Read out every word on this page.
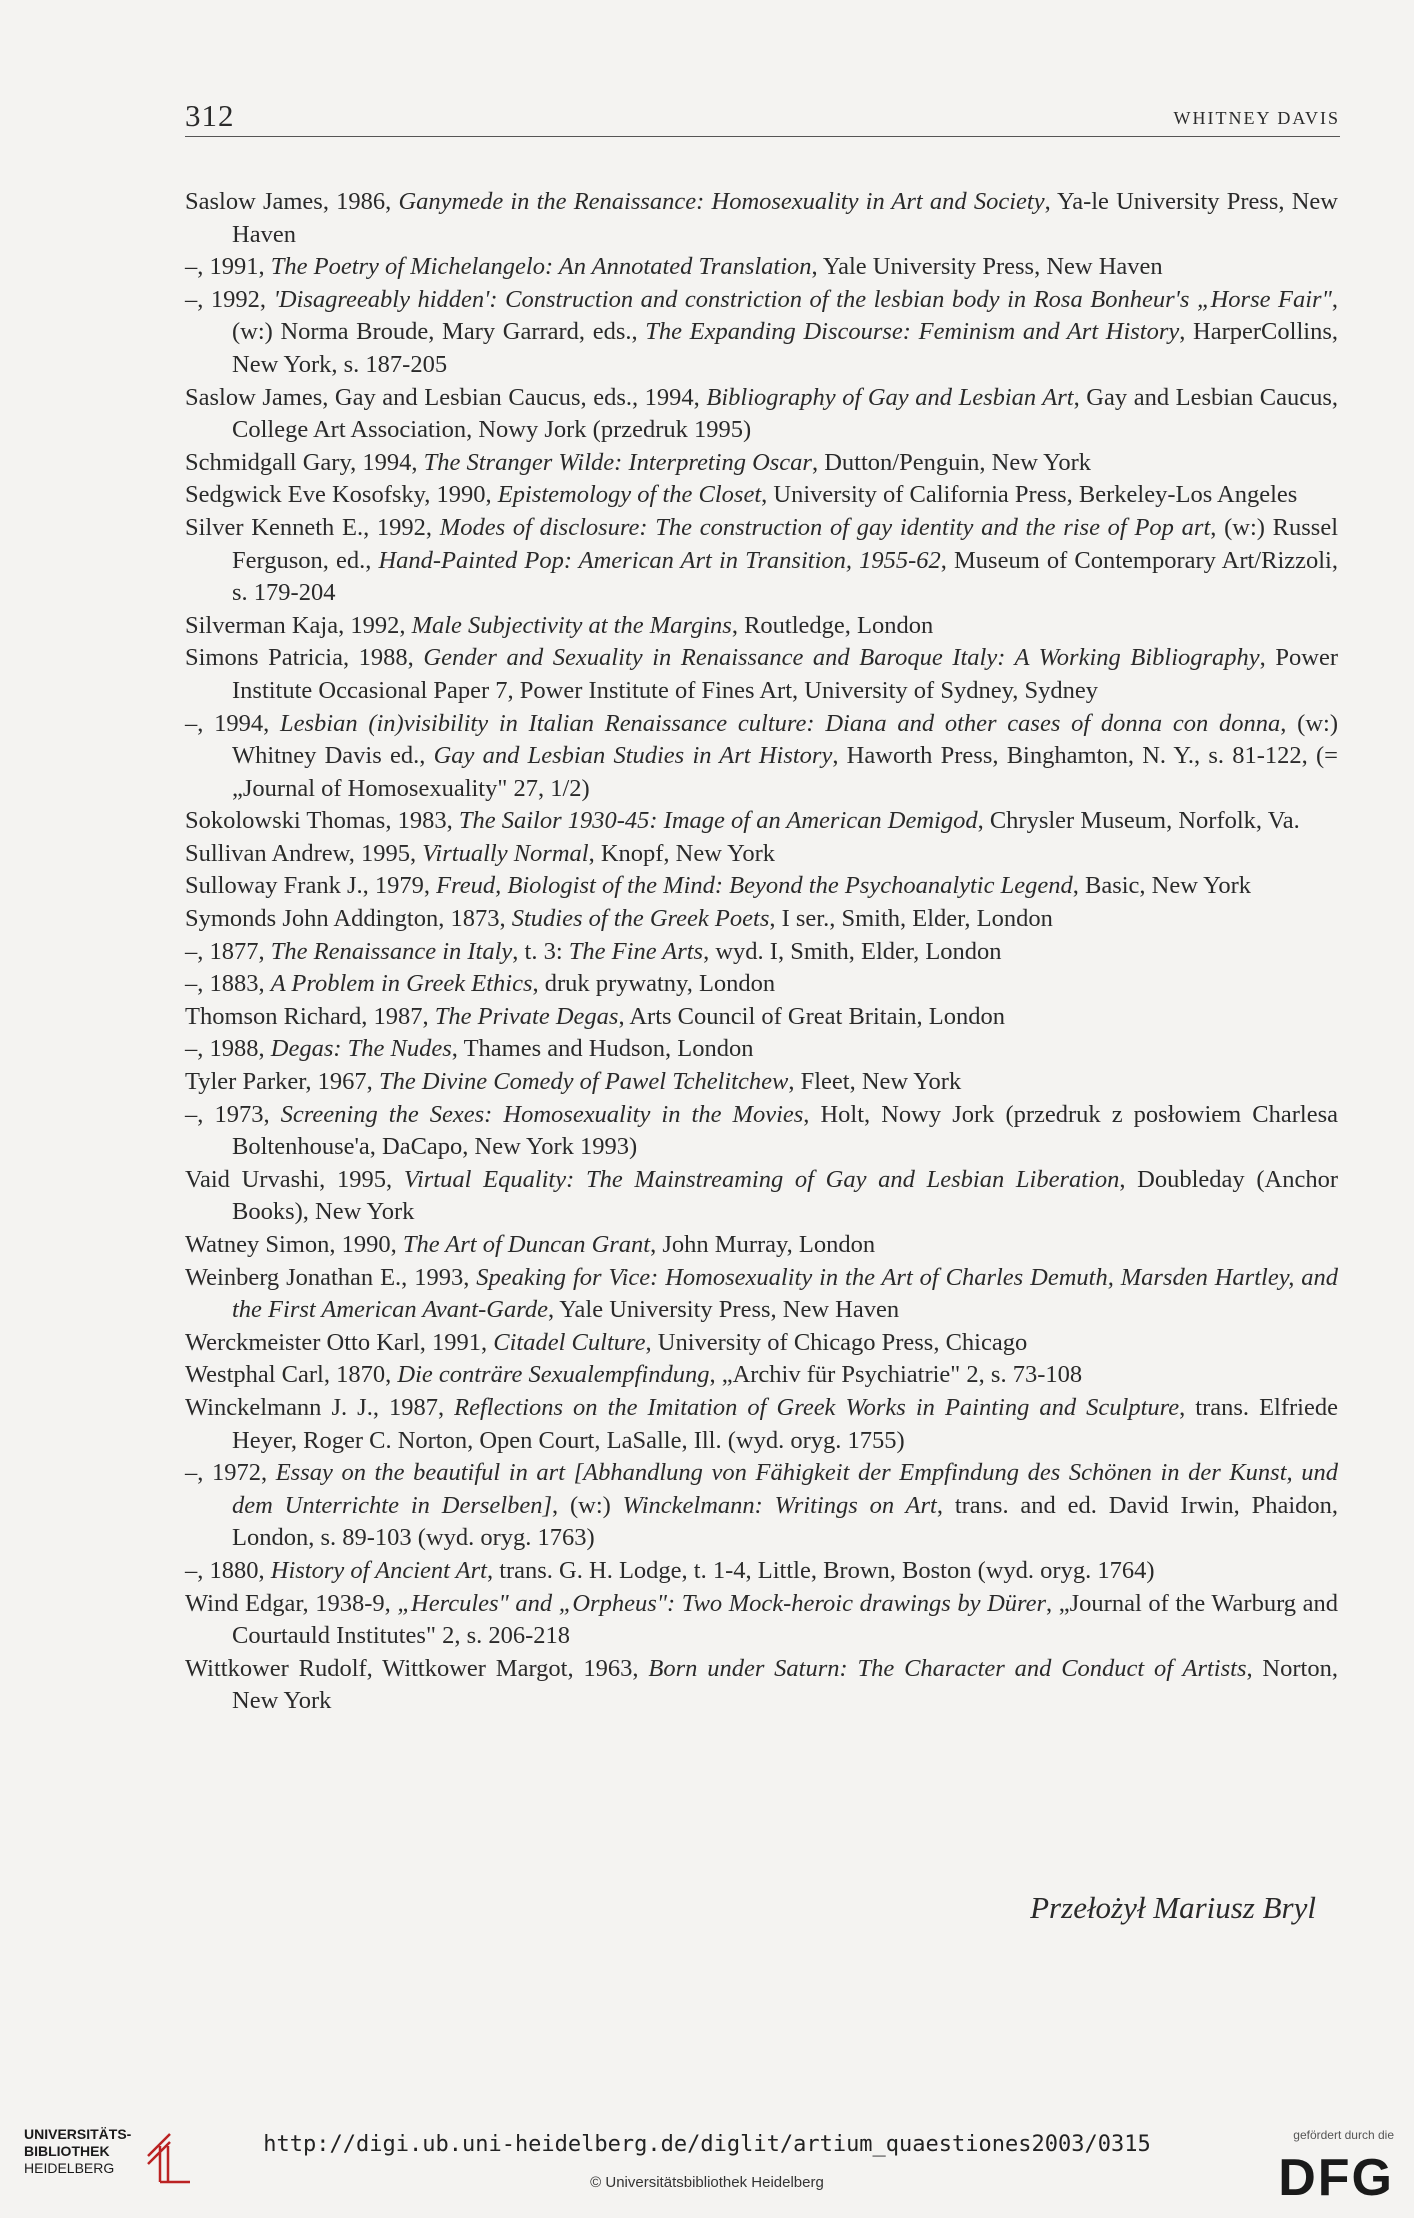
312	WHITNEY DAVIS
Saslow James, 1986, Ganymede in the Renaissance: Homosexuality in Art and Society, Ya-le University Press, New Haven
–, 1991, The Poetry of Michelangelo: An Annotated Translation, Yale University Press, New Haven
–, 1992, 'Disagreeably hidden': Construction and constriction of the lesbian body in Rosa Bonheur's „Horse Fair", (w:) Norma Broude, Mary Garrard, eds., The Expanding Discourse: Feminism and Art History, HarperCollins, New York, s. 187-205
Saslow James, Gay and Lesbian Caucus, eds., 1994, Bibliography of Gay and Lesbian Art, Gay and Lesbian Caucus, College Art Association, Nowy Jork (przedruk 1995)
Schmidgall Gary, 1994, The Stranger Wilde: Interpreting Oscar, Dutton/Penguin, New York
Sedgwick Eve Kosofsky, 1990, Epistemology of the Closet, University of California Press, Berkeley-Los Angeles
Silver Kenneth E., 1992, Modes of disclosure: The construction of gay identity and the rise of Pop art, (w:) Russel Ferguson, ed., Hand-Painted Pop: American Art in Transition, 1955-62, Museum of Contemporary Art/Rizzoli, s. 179-204
Silverman Kaja, 1992, Male Subjectivity at the Margins, Routledge, London
Simons Patricia, 1988, Gender and Sexuality in Renaissance and Baroque Italy: A Working Bibliography, Power Institute Occasional Paper 7, Power Institute of Fines Art, University of Sydney, Sydney
–, 1994, Lesbian (in)visibility in Italian Renaissance culture: Diana and other cases of donna con donna, (w:) Whitney Davis ed., Gay and Lesbian Studies in Art History, Haworth Press, Binghamton, N. Y., s. 81-122, (= „Journal of Homosexuality" 27, 1/2)
Sokolowski Thomas, 1983, The Sailor 1930-45: Image of an American Demigod, Chrysler Museum, Norfolk, Va.
Sullivan Andrew, 1995, Virtually Normal, Knopf, New York
Sulloway Frank J., 1979, Freud, Biologist of the Mind: Beyond the Psychoanalytic Legend, Basic, New York
Symonds John Addington, 1873, Studies of the Greek Poets, I ser., Smith, Elder, London
–, 1877, The Renaissance in Italy, t. 3: The Fine Arts, wyd. I, Smith, Elder, London
–, 1883, A Problem in Greek Ethics, druk prywatny, London
Thomson Richard, 1987, The Private Degas, Arts Council of Great Britain, London
–, 1988, Degas: The Nudes, Thames and Hudson, London
Tyler Parker, 1967, The Divine Comedy of Pawel Tchelitchew, Fleet, New York
–, 1973, Screening the Sexes: Homosexuality in the Movies, Holt, Nowy Jork (przedruk z posłowiem Charlesa Boltenhouse'a, DaCapo, New York 1993)
Vaid Urvashi, 1995, Virtual Equality: The Mainstreaming of Gay and Lesbian Liberation, Doubleday (Anchor Books), New York
Watney Simon, 1990, The Art of Duncan Grant, John Murray, London
Weinberg Jonathan E., 1993, Speaking for Vice: Homosexuality in the Art of Charles Demuth, Marsden Hartley, and the First American Avant-Garde, Yale University Press, New Haven
Werckmeister Otto Karl, 1991, Citadel Culture, University of Chicago Press, Chicago
Westphal Carl, 1870, Die conträre Sexualempfindung, „Archiv für Psychiatrie" 2, s. 73-108
Winckelmann J. J., 1987, Reflections on the Imitation of Greek Works in Painting and Sculpture, trans. Elfriede Heyer, Roger C. Norton, Open Court, LaSalle, Ill. (wyd. oryg. 1755)
–, 1972, Essay on the beautiful in art [Abhandlung von Fähigkeit der Empfindung des Schönen in der Kunst, und dem Unterrichte in Derselben], (w:) Winckelmann: Writings on Art, trans. and ed. David Irwin, Phaidon, London, s. 89-103 (wyd. oryg. 1763)
–, 1880, History of Ancient Art, trans. G. H. Lodge, t. 1-4, Little, Brown, Boston (wyd. oryg. 1764)
Wind Edgar, 1938-9, „Hercules" and „Orpheus": Two Mock-heroic drawings by Dürer, „Journal of the Warburg and Courtauld Institutes" 2, s. 206-218
Wittkower Rudolf, Wittkower Margot, 1963, Born under Saturn: The Character and Conduct of Artists, Norton, New York
Przełożył Mariusz Bryl
UNIVERSITÄTS-
BIBLIOTHEK
HEIDELBERG
http://digi.ub.uni-heidelberg.de/diglit/artium_quaestiones2003/0315
© Universitätsbibliothek Heidelberg
gefördert durch die
DFG
